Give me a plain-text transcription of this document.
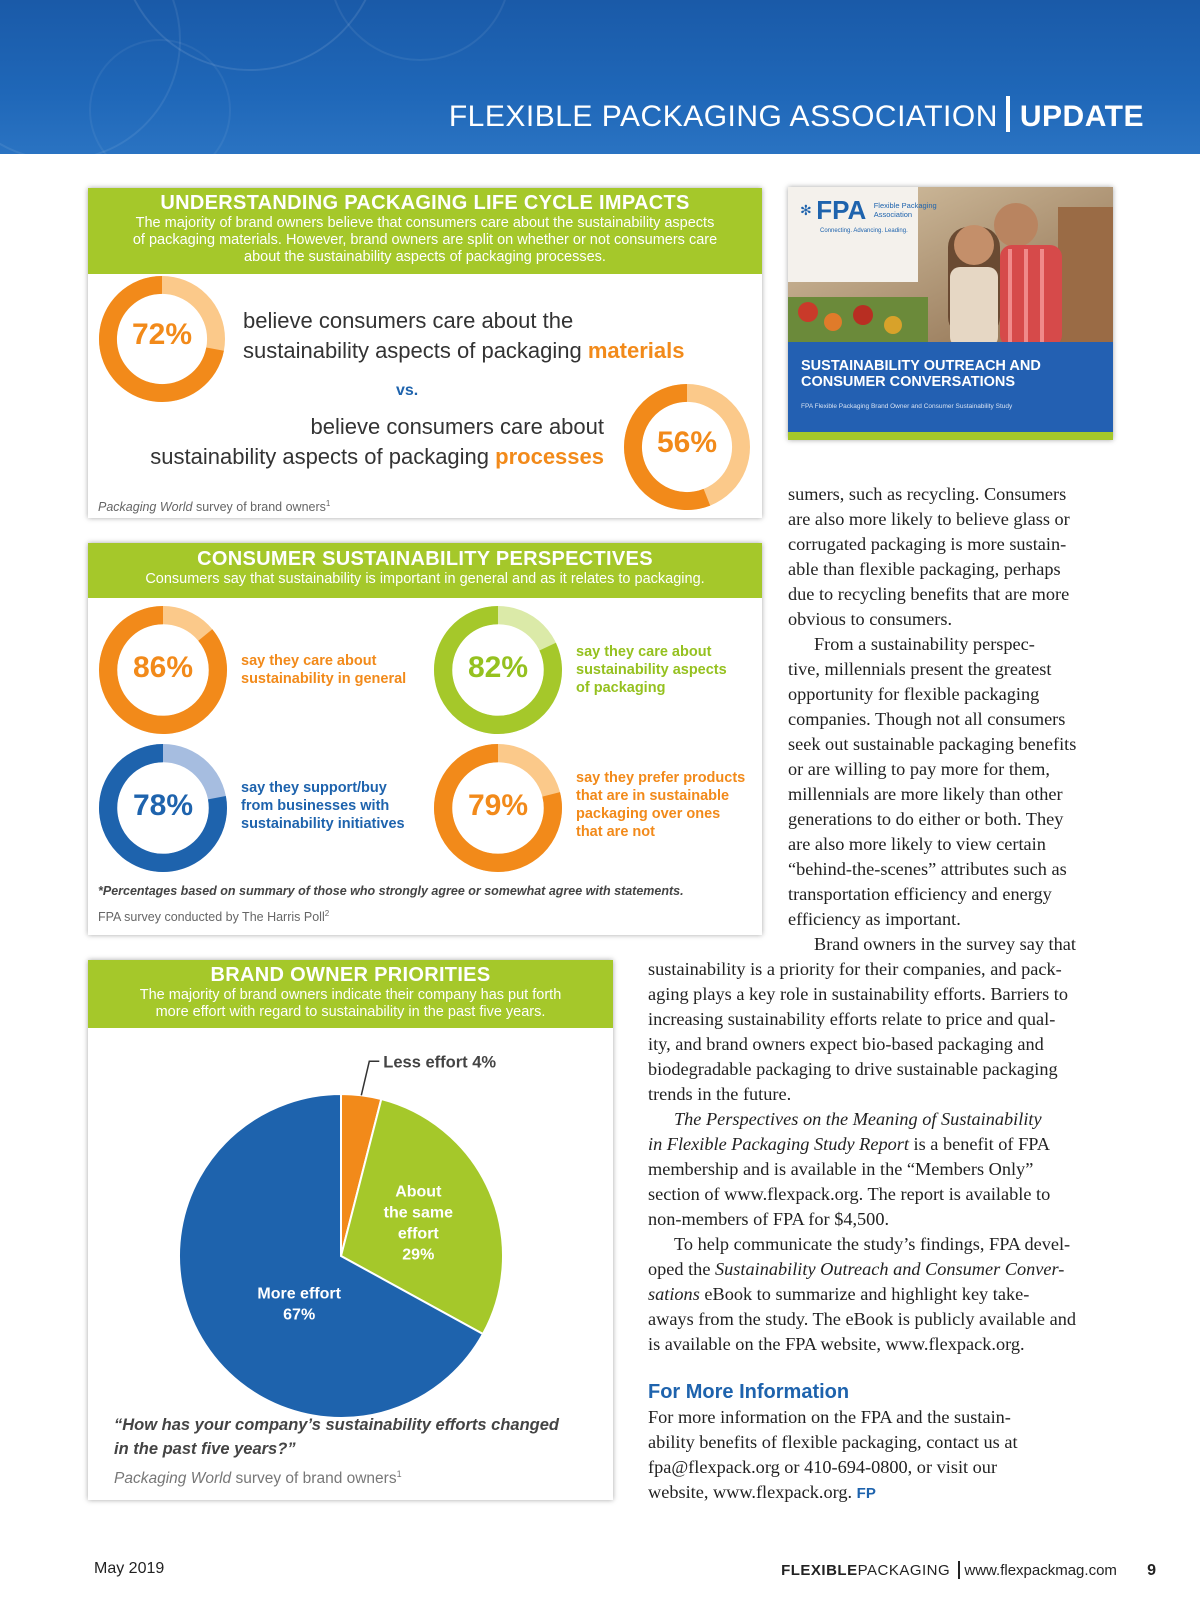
FLEXIBLE PACKAGING ASSOCIATION UPDATE
UNDERSTANDING PACKAGING LIFE CYCLE IMPACTS
The majority of brand owners believe that consumers care about the sustainability aspects
of packaging materials. However, brand owners are split on whether or not consumers care
about the sustainability aspects of packaging processes.
72%	believe consumers care about the
sustainability aspects of packaging materials
vs.
believe consumers care about
sustainability aspects of packaging processes	56%
Packaging World survey of brand owners$^1$
CONSUMER SUSTAINABILITY PERSPECTIVES
Consumers say that sustainability is important in general and as it relates to packaging.
86%	say they care about
sustainability in general	82%	say they care about
sustainability aspects
of packaging
78%
say they support/buy
from businesses with
sustainability initiatives
79%
say they prefer products
that are in sustainable
packaging over ones
that are not
*Percentages based on summary of those who strongly agree or somewhat agree with statements.
FPA survey conducted by The Harris Poll$^2$
BRAND OWNER PRIORITIES
The majority of brand owners indicate their company has put forth
more effort with regard to sustainability in the past five years.
Less effort 4%
About
the same
effort
29%
More effort
67%
“How has your company’s sustainability efforts changed
in the past five years?”
Packaging World survey of brand owners$^1$
✻ FPA Flexible Packaging
Association
Connecting. Advancing. Leading.
SUSTAINABILITY OUTREACH AND
CONSUMER CONVERSATIONS
FPA Flexible Packaging Brand Owner and Consumer Sustainability Study

sumers, such as recycling. Consumers

are also more likely to believe glass or

corrugated packaging is more sustain-

able than flexible packaging, perhaps

due to recycling benefits that are more

obvious to consumers.

From a sustainability perspec-

tive, millennials present the greatest

opportunity for flexible packaging

companies. Though not all consumers

seek out sustainable packaging benefits

or are willing to pay more for them,

millennials are more likely than other

generations to do either or both. They

are also more likely to view certain

“behind-the-scenes” attributes such as

transportation efficiency and energy

efficiency as important.

Brand owners in the survey say that

sustainability is a priority for their companies, and pack-

aging plays a key role in sustainability efforts. Barriers to

increasing sustainability efforts relate to price and qual-

ity, and brand owners expect bio-based packaging and

biodegradable packaging to drive sustainable packaging

trends in the future.

The Perspectives on the Meaning of Sustainability

in Flexible Packaging Study Report is a benefit of FPA

membership and is available in the “Members Only”

section of www.flexpack.org. The report is available to

non-members of FPA for $4,500.

To help communicate the study’s findings, FPA devel-

oped the Sustainability Outreach and Consumer Conver-

sations eBook to summarize and highlight key take-

aways from the study. The eBook is publicly available and

is available on the FPA website, www.flexpack.org.

For More Information

For more information on the FPA and the sustain-

ability benefits of flexible packaging, contact us at

fpa@flexpack.org or 410-694-0800, or visit our

website, www.flexpack.org. FP

May 2019	FLEXIBLEPACKAGING www.flexpackmag.com 9
